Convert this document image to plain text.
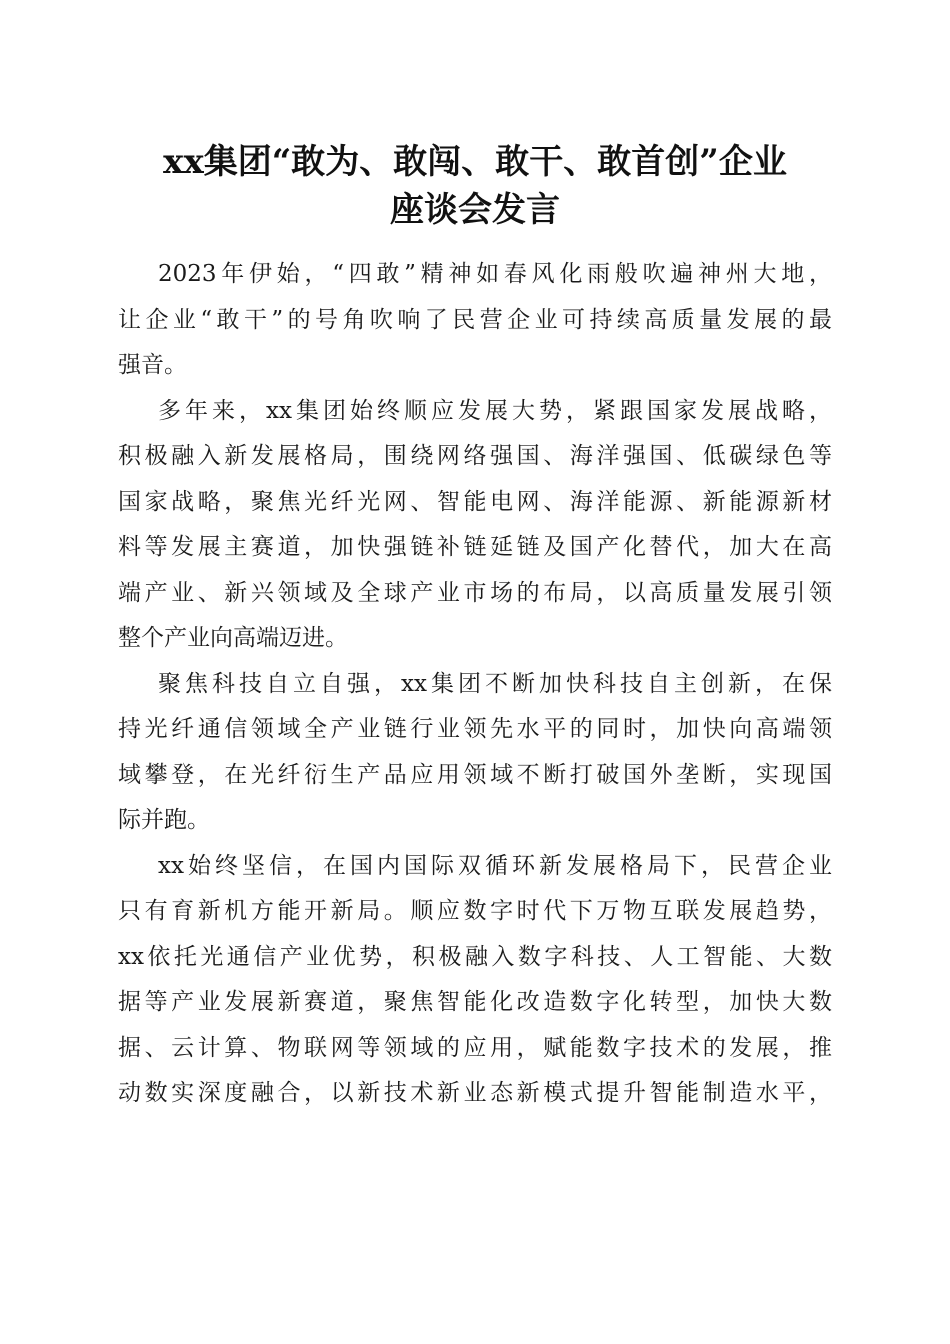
xx集团“敢为、敢闯、敢干、敢首创”企业
座谈会发言
2023年伊始，“四敢”精神如春风化雨般吹遍神州大地，
让企业“敢干”的号角吹响了民营企业可持续高质量发展的最
强音。
多年来，xx集团始终顺应发展大势，紧跟国家发展战略，
积极融入新发展格局，围绕网络强国、海洋强国、低碳绿色等
国家战略，聚焦光纤光网、智能电网、海洋能源、新能源新材
料等发展主赛道，加快强链补链延链及国产化替代，加大在高
端产业、新兴领域及全球产业市场的布局，以高质量发展引领
整个产业向高端迈进。
聚焦科技自立自强，xx集团不断加快科技自主创新，在保
持光纤通信领域全产业链行业领先水平的同时，加快向高端领
域攀登，在光纤衍生产品应用领域不断打破国外垄断，实现国
际并跑。
xx始终坚信，在国内国际双循环新发展格局下，民营企业
只有育新机方能开新局。顺应数字时代下万物互联发展趋势，
xx依托光通信产业优势，积极融入数字科技、人工智能、大数
据等产业发展新赛道，聚焦智能化改造数字化转型，加快大数
据、云计算、物联网等领域的应用，赋能数字技术的发展，推
动数实深度融合，以新技术新业态新模式提升智能制造水平，
